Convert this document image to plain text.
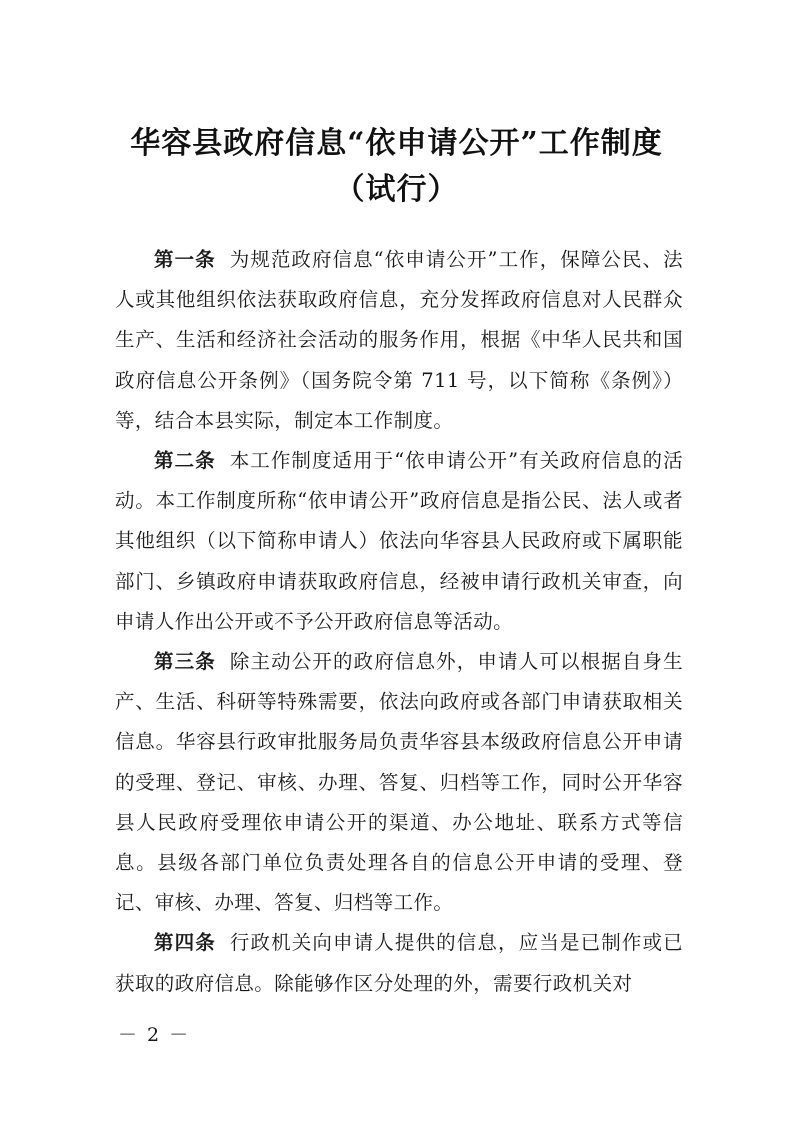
华容县政府信息“依申请公开”工作制度
（试行）

第一条 为规范政府信息“依申请公开”工作，保障公民、法人或其他组织依法获取政府信息，充分发挥政府信息对人民群众生产、生活和经济社会活动的服务作用，根据《中华人民共和国政府信息公开条例》（国务院令第 711 号，以下简称《条例》）等，结合本县实际，制定本工作制度。

第二条 本工作制度适用于“依申请公开”有关政府信息的活动。本工作制度所称“依申请公开”政府信息是指公民、法人或者其他组织（以下简称申请人）依法向华容县人民政府或下属职能部门、乡镇政府申请获取政府信息，经被申请行政机关审查，向申请人作出公开或不予公开政府信息等活动。

第三条 除主动公开的政府信息外，申请人可以根据自身生产、生活、科研等特殊需要，依法向政府或各部门申请获取相关信息。华容县行政审批服务局负责华容县本级政府信息公开申请的受理、登记、审核、办理、答复、归档等工作，同时公开华容县人民政府受理依申请公开的渠道、办公地址、联系方式等信息。县级各部门单位负责处理各自的信息公开申请的受理、登记、审核、办理、答复、归档等工作。

第四条 行政机关向申请人提供的信息，应当是已制作或已获取的政府信息。除能够作区分处理的外，需要行政机关对

－ 2 －
